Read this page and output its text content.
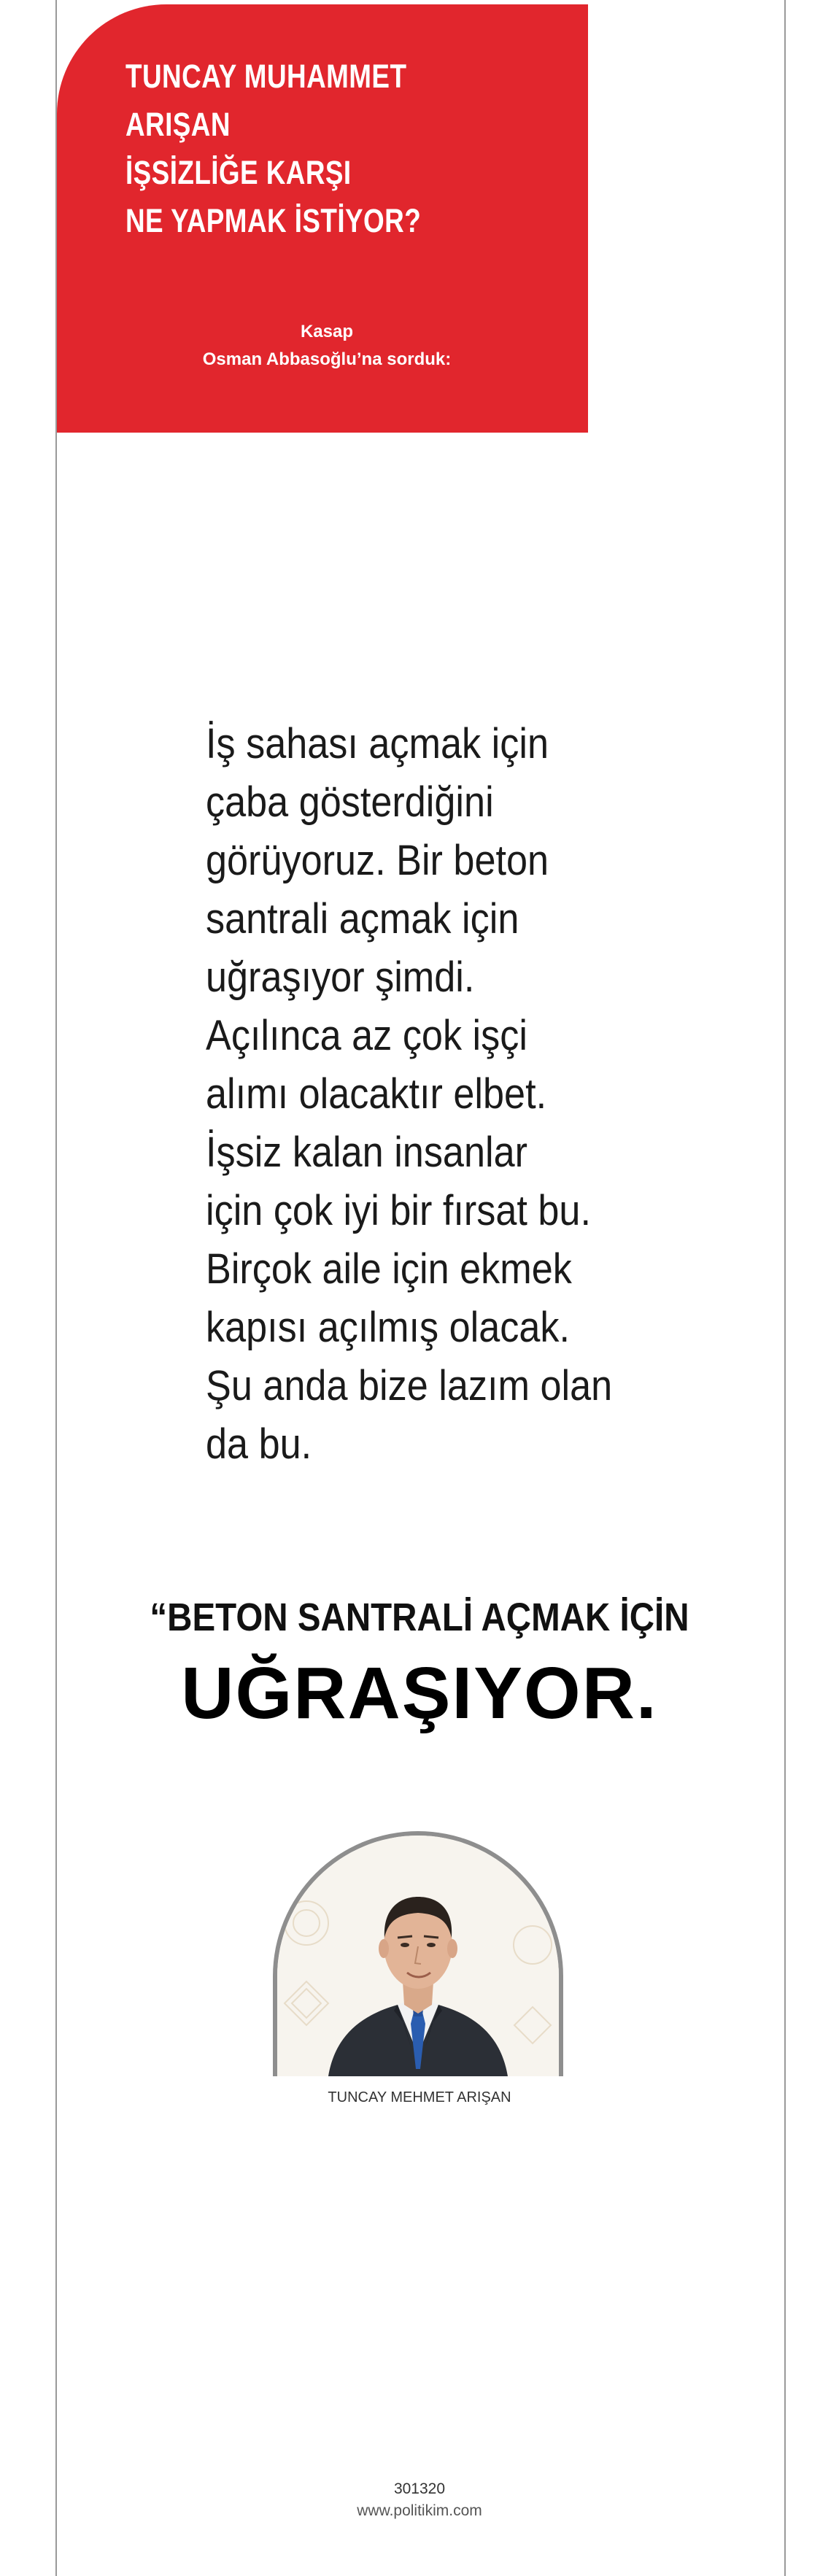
TUNCAY MUHAMMET
ARIŞAN
İŞSİZLİĞE KARŞI
NE YAPMAK İSTİYOR?
Kasap
Osman Abbasoğlu’na sorduk:

İş sahası açmak için
çaba gösterdiğini
görüyoruz. Bir beton
santrali açmak için
uğraşıyor şimdi.
Açılınca az çok işçi
alımı olacaktır elbet.
İşsiz kalan insanlar
için çok iyi bir fırsat bu.
Birçok aile için ekmek
kapısı açılmış olacak.
Şu anda bize lazım olan
da bu.

“BETON SANTRALİ AÇMAK İÇİN

UĞRAŞIYOR.

TUNCAY MEHMET ARIŞAN
301320
www.politikim.com
